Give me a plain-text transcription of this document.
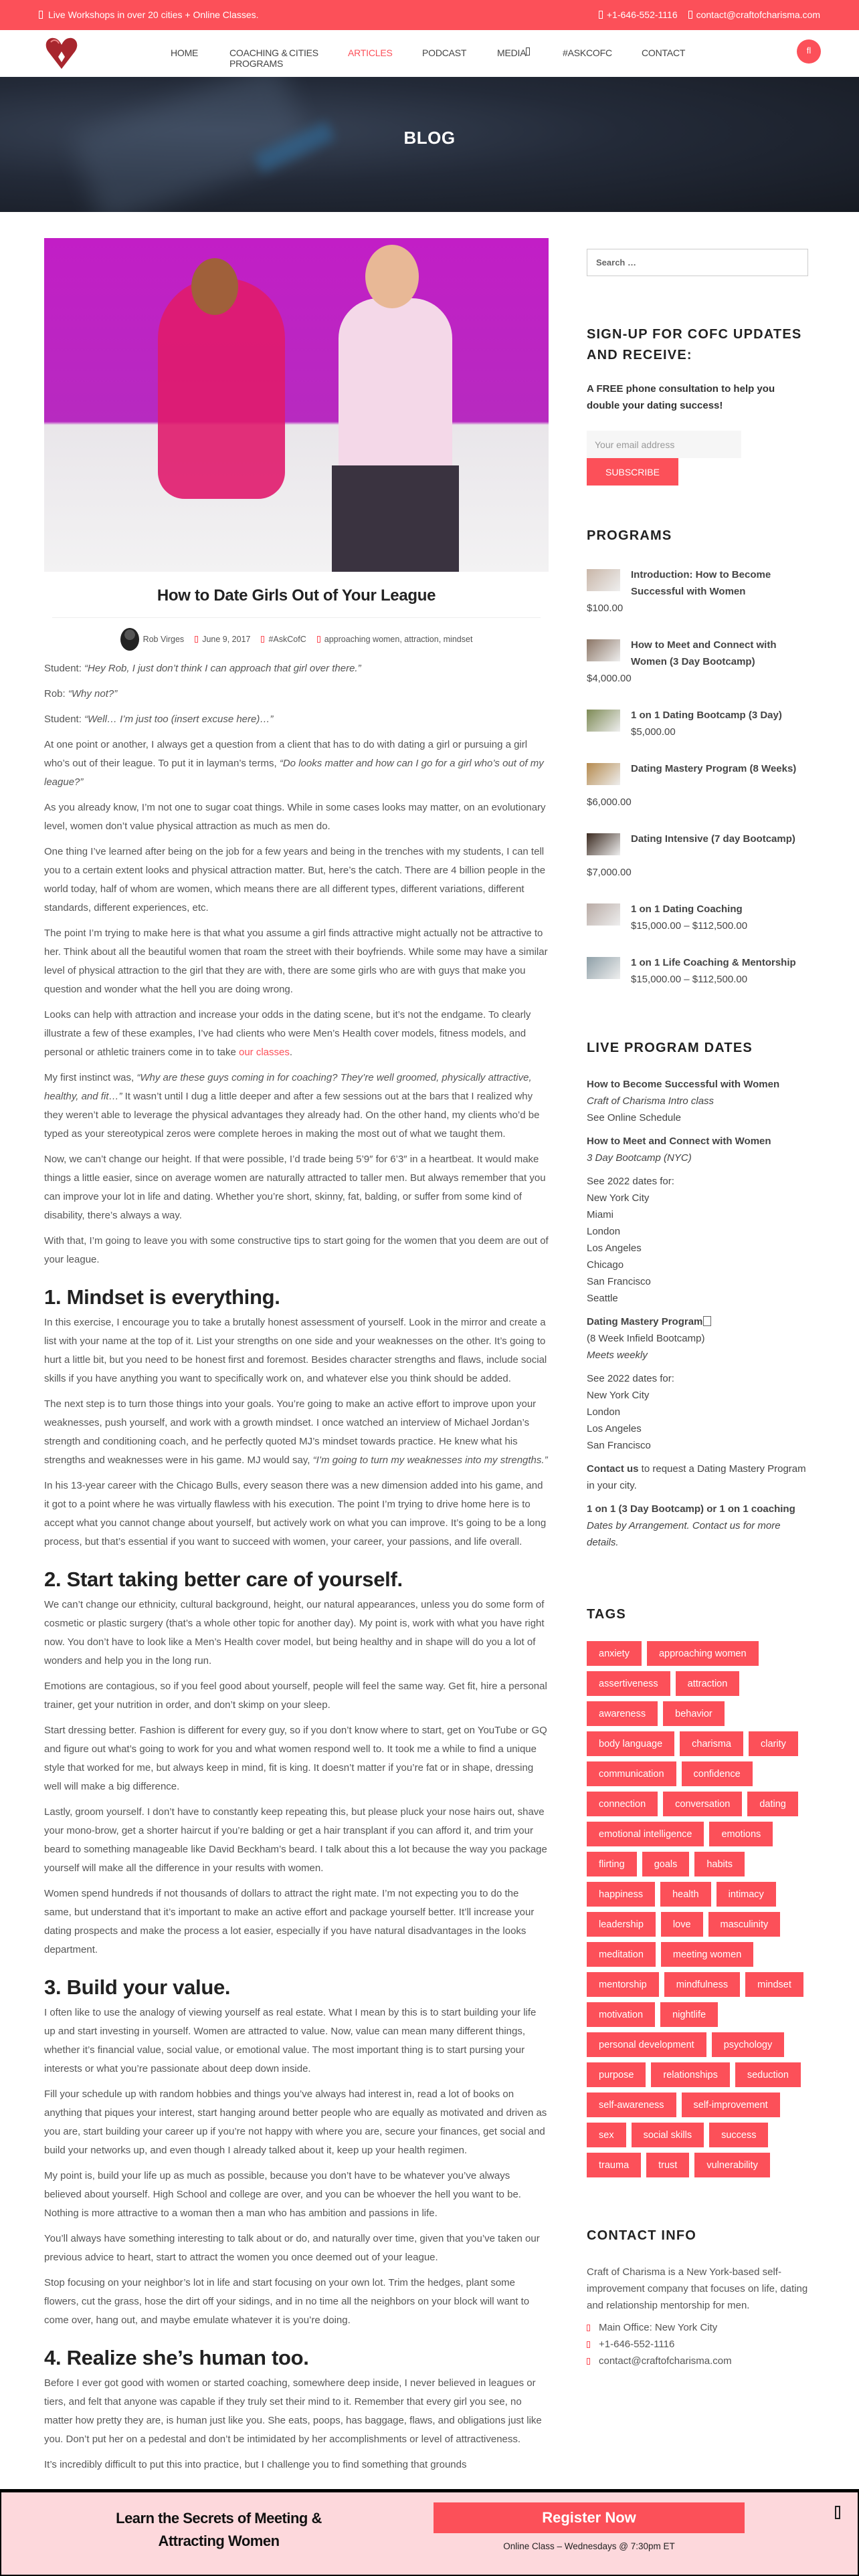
Live Workshops in over 20 cities + Online Classes.	+1-646-552-1116 contact@craftofcharisma.com
HOME	COACHING & PROGRAMS
CITIES	ARTICLES	PODCAST	MEDIA	#ASKCOFC	CONTACT	fl
BLOG
How to Date Girls Out of Your League
Rob Virges June 9, 2017 #AskCofC approaching women, attraction, mindset

Student: “Hey Rob, I just don’t think I can approach that girl over there.”

Rob: “Why not?”

Student: “Well… I’m just too (insert excuse here)…”

At one point or another, I always get a question from a client that has to do with dating a girl or pursuing a girl who’s out of their league. To put it in layman’s terms, “Do looks matter and how can I go for a girl who’s out of my league?”

As you already know, I’m not one to sugar coat things. While in some cases looks may matter, on an evolutionary level, women don’t value physical attraction as much as men do.

One thing I’ve learned after being on the job for a few years and being in the trenches with my students, I can tell you to a certain extent looks and physical attraction matter. But, here’s the catch. There are 4 billion people in the world today, half of whom are women, which means there are all different types, different variations, different standards, different experiences, etc.

The point I’m trying to make here is that what you assume a girl finds attractive might actually not be attractive to her. Think about all the beautiful women that roam the street with their boyfriends. While some may have a similar level of physical attraction to the girl that they are with, there are some girls who are with guys that make you question and wonder what the hell you are doing wrong.

Looks can help with attraction and increase your odds in the dating scene, but it’s not the endgame. To clearly illustrate a few of these examples, I’ve had clients who were Men’s Health cover models, fitness models, and personal or athletic trainers come in to take our classes.

My first instinct was, “Why are these guys coming in for coaching? They’re well groomed, physically attractive, healthy, and fit…” It wasn’t until I dug a little deeper and after a few sessions out at the bars that I realized why they weren’t able to leverage the physical advantages they already had. On the other hand, my clients who’d be typed as your stereotypical zeros were complete heroes in making the most out of what we taught them.

Now, we can’t change our height. If that were possible, I’d trade being 5’9″ for 6’3″ in a heartbeat. It would make things a little easier, since on average women are naturally attracted to taller men. But always remember that you can improve your lot in life and dating. Whether you’re short, skinny, fat, balding, or suffer from some kind of disability, there’s always a way.

With that, I’m going to leave you with some constructive tips to start going for the women that you deem are out of your league.

1. Mindset is everything.

In this exercise, I encourage you to take a brutally honest assessment of yourself. Look in the mirror and create a list with your name at the top of it. List your strengths on one side and your weaknesses on the other. It’s going to hurt a little bit, but you need to be honest first and foremost. Besides character strengths and flaws, include social skills if you have anything you want to specifically work on, and whatever else you think should be added.

The next step is to turn those things into your goals. You’re going to make an active effort to improve upon your weaknesses, push yourself, and work with a growth mindset. I once watched an interview of Michael Jordan’s strength and conditioning coach, and he perfectly quoted MJ’s mindset towards practice. He knew what his strengths and weaknesses were in his game. MJ would say, “I’m going to turn my weaknesses into my strengths.”

In his 13-year career with the Chicago Bulls, every season there was a new dimension added into his game, and it got to a point where he was virtually flawless with his execution. The point I’m trying to drive home here is to accept what you cannot change about yourself, but actively work on what you can improve. It’s going to be a long process, but that’s essential if you want to succeed with women, your career, your passions, and life overall.

2. Start taking better care of yourself.

We can’t change our ethnicity, cultural background, height, our natural appearances, unless you do some form of cosmetic or plastic surgery (that’s a whole other topic for another day). My point is, work with what you have right now. You don’t have to look like a Men’s Health cover model, but being healthy and in shape will do you a lot of wonders and help you in the long run.

Emotions are contagious, so if you feel good about yourself, people will feel the same way. Get fit, hire a personal trainer, get your nutrition in order, and don’t skimp on your sleep.

Start dressing better. Fashion is different for every guy, so if you don’t know where to start, get on YouTube or GQ and figure out what’s going to work for you and what women respond well to. It took me a while to find a unique style that worked for me, but always keep in mind, fit is king. It doesn’t matter if you’re fat or in shape, dressing well will make a big difference.

Lastly, groom yourself. I don’t have to constantly keep repeating this, but please pluck your nose hairs out, shave your mono-brow, get a shorter haircut if you’re balding or get a hair transplant if you can afford it, and trim your beard to something manageable like David Beckham’s beard. I talk about this a lot because the way you package yourself will make all the difference in your results with women.

Women spend hundreds if not thousands of dollars to attract the right mate. I’m not expecting you to do the same, but understand that it’s important to make an active effort and package yourself better. It’ll increase your dating prospects and make the process a lot easier, especially if you have natural disadvantages in the looks department.

3. Build your value.

I often like to use the analogy of viewing yourself as real estate. What I mean by this is to start building your life up and start investing in yourself. Women are attracted to value. Now, value can mean many different things, whether it’s financial value, social value, or emotional value. The most important thing is to start pursing your interests or what you’re passionate about deep down inside.

Fill your schedule up with random hobbies and things you’ve always had interest in, read a lot of books on anything that piques your interest, start hanging around better people who are equally as motivated and driven as you are, start building your career up if you’re not happy with where you are, secure your finances, get social and build your networks up, and even though I already talked about it, keep up your health regimen.

My point is, build your life up as much as possible, because you don’t have to be whatever you’ve always believed about yourself. High School and college are over, and you can be whoever the hell you want to be. Nothing is more attractive to a woman then a man who has ambition and passions in life.

You’ll always have something interesting to talk about or do, and naturally over time, given that you’ve taken our previous advice to heart, start to attract the women you once deemed out of your league.

Stop focusing on your neighbor’s lot in life and start focusing on your own lot. Trim the hedges, plant some flowers, cut the grass, hose the dirt off your sidings, and in no time all the neighbors on your block will want to come over, hang out, and maybe emulate whatever it is you’re doing.

4. Realize she’s human too.

Before I ever got good with women or started coaching, somewhere deep inside, I never believed in leagues or tiers, and felt that anyone was capable if they truly set their mind to it. Remember that every girl you see, no matter how pretty they are, is human just like you. She eats, poops, has baggage, flaws, and obligations just like you. Don’t put her on a pedestal and don’t be intimidated by her accomplishments or level of attractiveness.

It’s incredibly difficult to put this into practice, but I challenge you to find something that grounds

Search …
SIGN-UP FOR COFC UPDATES AND RECEIVE:
A FREE phone consultation to help you double your dating success!
Your email address
SUBSCRIBE
PROGRAMS
Introduction: How to Become Successful with Women
$100.00
How to Meet and Connect with Women (3 Day Bootcamp)
$4,000.00
1 on 1 Dating Bootcamp (3 Day)
$5,000.00
Dating Mastery Program (8 Weeks)
$6,000.00
Dating Intensive (7 day Bootcamp)
$7,000.00
1 on 1 Dating Coaching
$15,000.00 – $112,500.00
1 on 1 Life Coaching & Mentorship
$15,000.00 – $112,500.00
LIVE PROGRAM DATES
How to Become Successful with Women
Craft of Charisma Intro class
See Online Schedule
How to Meet and Connect with Women
3 Day Bootcamp (NYC)
See 2022 dates for:
New York City
Miami
London
Los Angeles
Chicago
San Francisco
Seattle
Dating Mastery Program
(8 Week Infield Bootcamp)
Meets weekly
See 2022 dates for:
New York City
London
Los Angeles
San Francisco
Contact us to request a Dating Mastery Program in your city.
1 on 1 (3 Day Bootcamp) or 1 on 1 coaching
Dates by Arrangement. Contact us for more details.
TAGS
anxiety	approaching women
assertiveness	attraction
awareness	behavior
body language	charisma	clarity
communication	confidence
connection	conversation	dating
emotional intelligence	emotions
flirting	goals	habits
happiness	health	intimacy
leadership	love	masculinity
meditation	meeting women
mentorship	mindfulness	mindset
motivation	nightlife
personal development	psychology
purpose	relationships	seduction
self-awareness	self-improvement
sex	social skills	success
trauma	trust	vulnerability
CONTACT INFO

Craft of Charisma is a New York-based self-improvement company that focuses on life, dating and relationship mentorship for men.

Main Office: New York City
+1-646-552-1116
contact@craftofcharisma.com
Learn the Secrets of Meeting & Attracting Women
Register Now
Online Class – Wednesdays @ 7:30pm ET
